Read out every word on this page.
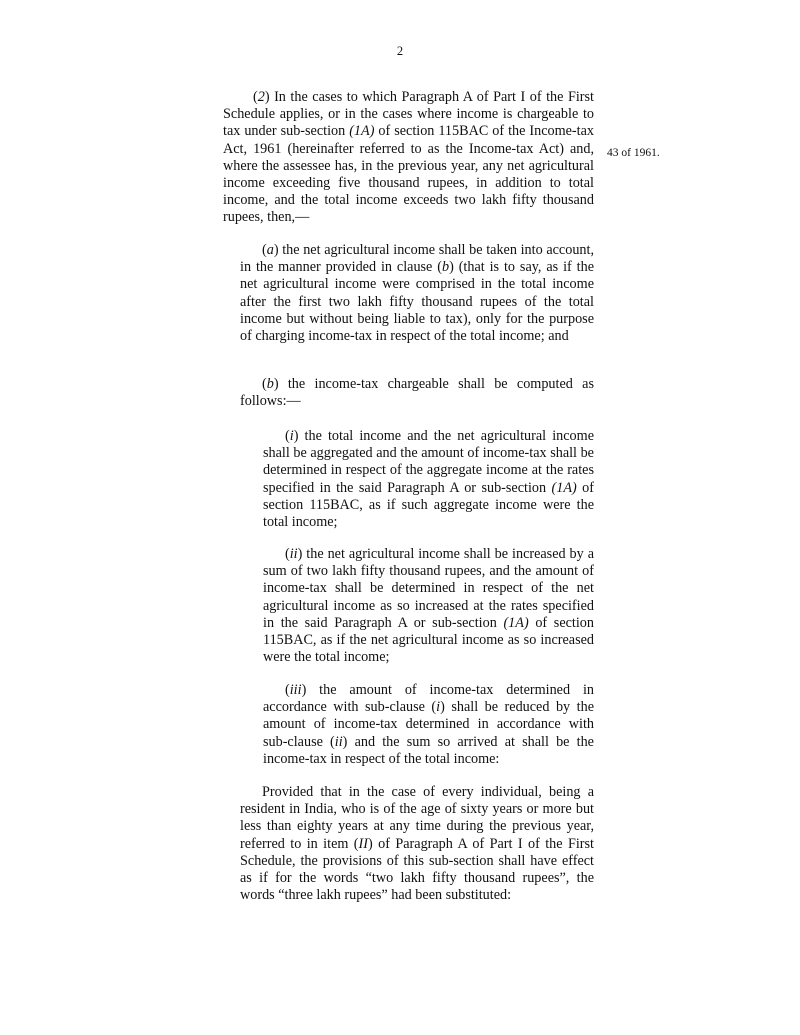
2

(2) In the cases to which Paragraph A of Part I of the First Schedule applies, or in the cases where income is chargeable to tax under sub-section (1A) of section 115BAC of the Income-tax Act, 1961 (hereinafter referred to as the Income-tax Act) and, where the assessee has, in the previous year, any net agricultural income exceeding five thousand rupees, in addition to total income, and the total income exceeds two lakh fifty thousand rupees, then,—

43 of 1961.

(a) the net agricultural income shall be taken into account, in the manner provided in clause (b) (that is to say, as if the net agricultural income were comprised in the total income after the first two lakh fifty thousand rupees of the total income but without being liable to tax), only for the purpose of charging income-tax in respect of the total income; and

(b) the income-tax chargeable shall be computed as follows:—

(i) the total income and the net agricultural income shall be aggregated and the amount of income-tax shall be determined in respect of the aggregate income at the rates specified in the said Paragraph A or sub-section (1A) of section 115BAC, as if such aggregate income were the total income;

(ii) the net agricultural income shall be increased by a sum of two lakh fifty thousand rupees, and the amount of income-tax shall be determined in respect of the net agricultural income as so increased at the rates specified in the said Paragraph A or sub-section (1A) of section 115BAC, as if the net agricultural income as so increased were the total income;

(iii) the amount of income-tax determined in accordance with sub-clause (i) shall be reduced by the amount of income-tax determined in accordance with sub-clause (ii) and the sum so arrived at shall be the income-tax in respect of the total income:

Provided that in the case of every individual, being a resident in India, who is of the age of sixty years or more but less than eighty years at any time during the previous year, referred to in item (II) of Paragraph A of Part I of the First Schedule, the provisions of this sub-section shall have effect as if for the words “two lakh fifty thousand rupees”, the words “three lakh rupees” had been substituted:
